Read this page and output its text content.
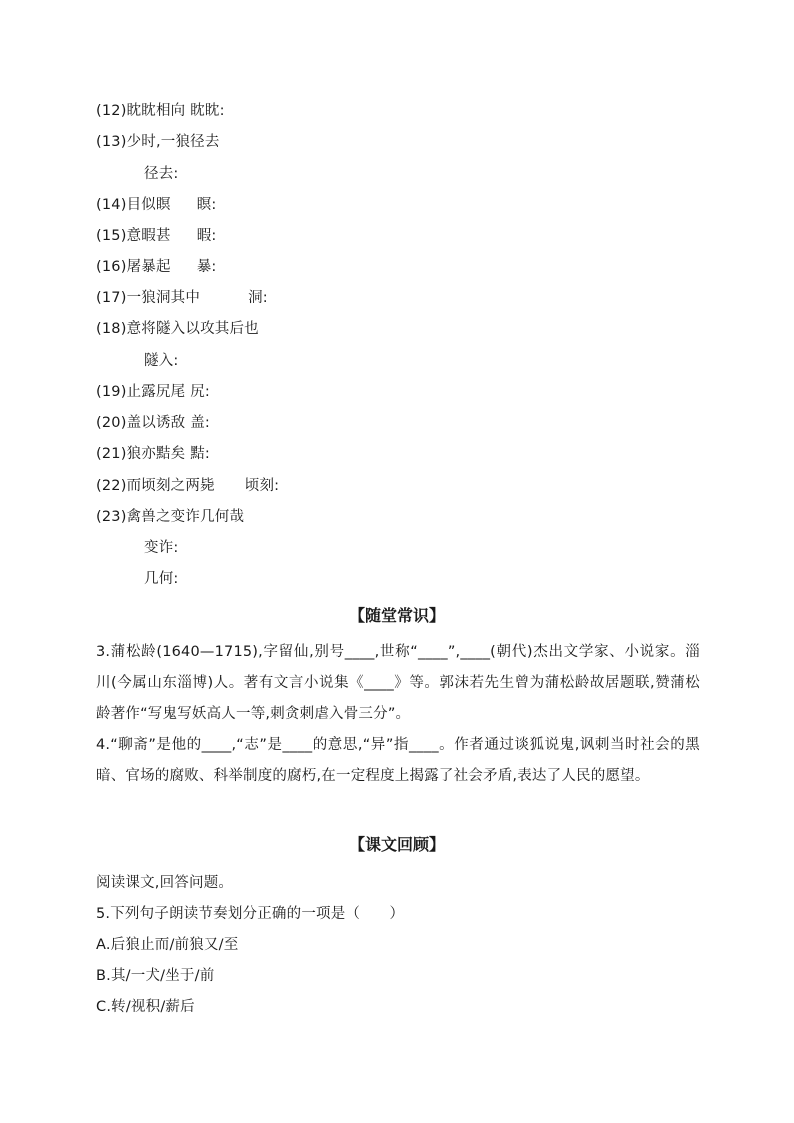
(12)眈眈相向 眈眈:
(13)少时,一狼径去
径去:
(14)目似瞑 瞑:
(15)意暇甚 暇:
(16)屠暴起 暴:
(17)一狼洞其中	洞:
(18)意将隧入以攻其后也
隧入:
(19)止露尻尾 尻:
(20)盖以诱敌 盖:
(21)狼亦黠矣 黠:
(22)而顷刻之两毙 顷刻:
(23)禽兽之变诈几何哉
变诈:
几何:
【随堂常识】
3.蒲松龄(1640—1715),字留仙,别号____,世称“____”,____(朝代)杰出文学家、小说家。淄川(今属山东淄博)人。著有文言小说集《____》等。郭沫若先生曾为蒲松龄故居题联,赞蒲松龄著作“写鬼写妖高人一等,刺贪刺虐入骨三分”。
4.“聊斋”是他的____,“志”是____的意思,“异”指____。作者通过谈狐说鬼,讽刺当时社会的黑暗、官场的腐败、科举制度的腐朽,在一定程度上揭露了社会矛盾,表达了人民的愿望。
【课文回顾】
阅读课文,回答问题。
5.下列句子朗读节奏划分正确的一项是（　　）
A.后狼止而/前狼又/至
B.其/一犬/坐于/前
C.转/视积/薪后
